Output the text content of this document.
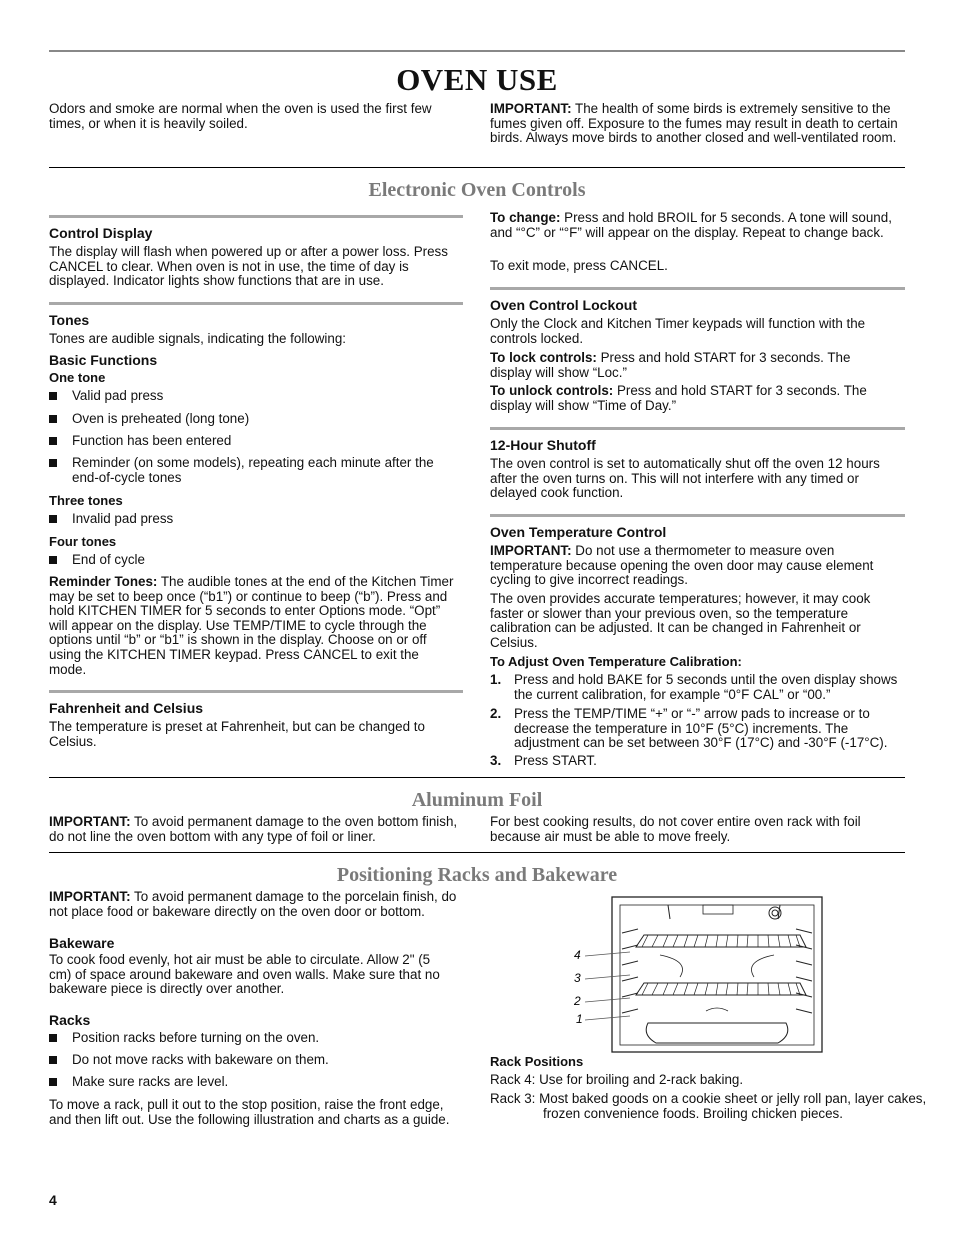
OVEN USE

Odors and smoke are normal when the oven is used the first few times, or when it is heavily soiled.

IMPORTANT: The health of some birds is extremely sensitive to the fumes given off. Exposure to the fumes may result in death to certain birds. Always move birds to another closed and well-ventilated room.

Electronic Oven Controls
Control Display

The display will flash when powered up or after a power loss. Press CANCEL to clear. When oven is not in use, the time of day is displayed. Indicator lights show functions that are in use.

Tones

Tones are audible signals, indicating the following:

Basic Functions
One tone
Valid pad press
Oven is preheated (long tone)
Function has been entered
Reminder (on some models), repeating each minute after the end-of-cycle tones
Three tones
Invalid pad press
Four tones
End of cycle

Reminder Tones: The audible tones at the end of the Kitchen Timer may be set to beep once (“b1”) or continue to beep (“b”). Press and hold KITCHEN TIMER for 5 seconds to enter Options mode. “Opt” will appear on the display. Use TEMP/TIME to cycle through the options until “b” or “b1” is shown in the display. Choose on or off using the KITCHEN TIMER keypad. Press CANCEL to exit the mode.

Fahrenheit and Celsius

The temperature is preset at Fahrenheit, but can be changed to Celsius.

To change: Press and hold BROIL for 5 seconds. A tone will sound, and “°C” or “°F” will appear on the display. Repeat to change back.

To exit mode, press CANCEL.

Oven Control Lockout

Only the Clock and Kitchen Timer keypads will function with the controls locked.

To lock controls: Press and hold START for 3 seconds. The display will show “Loc.”

To unlock controls: Press and hold START for 3 seconds. The display will show “Time of Day.”

12-Hour Shutoff

The oven control is set to automatically shut off the oven 12 hours after the oven turns on. This will not interfere with any timed or delayed cook function.

Oven Temperature Control

IMPORTANT: Do not use a thermometer to measure oven temperature because opening the oven door may cause element cycling to give incorrect readings.

The oven provides accurate temperatures; however, it may cook faster or slower than your previous oven, so the temperature calibration can be adjusted. It can be changed in Fahrenheit or Celsius.

To Adjust Oven Temperature Calibration:
1. Press and hold BAKE for 5 seconds until the oven display shows the current calibration, for example “0°F CAL” or “00.”
2. Press the TEMP/TIME “+” or “-” arrow pads to increase or to decrease the temperature in 10°F (5°C) increments. The adjustment can be set between 30°F (17°C) and -30°F (-17°C).
3. Press START.
Aluminum Foil

IMPORTANT: To avoid permanent damage to the oven bottom finish, do not line the oven bottom with any type of foil or liner.

For best cooking results, do not cover entire oven rack with foil because air must be able to move freely.

Positioning Racks and Bakeware

IMPORTANT: To avoid permanent damage to the porcelain finish, do not place food or bakeware directly on the oven door or bottom.

Bakeware

To cook food evenly, hot air must be able to circulate. Allow 2" (5 cm) of space around bakeware and oven walls. Make sure that no bakeware piece is directly over another.

Racks
Position racks before turning on the oven.
Do not move racks with bakeware on them.
Make sure racks are level.

To move a rack, pull it out to the stop position, raise the front edge, and then lift out. Use the following illustration and charts as a guide.

4
3
2
1
Rack Positions
Rack 4: Use for broiling and 2-rack baking.
Rack 3: Most baked goods on a cookie sheet or jelly roll pan, layer cakes, frozen convenience foods. Broiling chicken pieces.
4
